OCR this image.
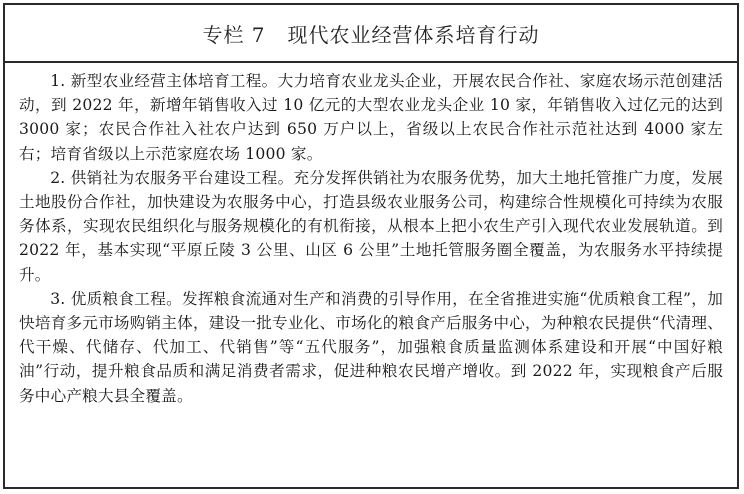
专栏 7 现代农业经营体系培育行动

1. 新型农业经营主体培育工程。大力培育农业龙头企业，开展农民合作社、家庭农场示范创建活动，到 2022 年，新增年销售收入过 10 亿元的大型农业龙头企业 10 家，年销售收入过亿元的达到 3000 家；农民合作社入社农户达到 650 万户以上，省级以上农民合作社示范社达到 4000 家左右；培育省级以上示范家庭农场 1000 家。

2. 供销社为农服务平台建设工程。充分发挥供销社为农服务优势，加大土地托管推广力度，发展土地股份合作社，加快建设为农服务中心，打造县级农业服务公司，构建综合性规模化可持续为农服务体系，实现农民组织化与服务规模化的有机衔接，从根本上把小农生产引入现代农业发展轨道。到 2022 年，基本实现“平原丘陵 3 公里、山区 6 公里”土地托管服务圈全覆盖，为农服务水平持续提升。

3. 优质粮食工程。发挥粮食流通对生产和消费的引导作用，在全省推进实施“优质粮食工程”，加快培育多元市场购销主体，建设一批专业化、市场化的粮食产后服务中心，为种粮农民提供“代清理、代干燥、代储存、代加工、代销售”等“五代服务”，加强粮食质量监测体系建设和开展“中国好粮油”行动，提升粮食品质和满足消费者需求，促进种粮农民增产增收。到 2022 年，实现粮食产后服务中心产粮大县全覆盖。
